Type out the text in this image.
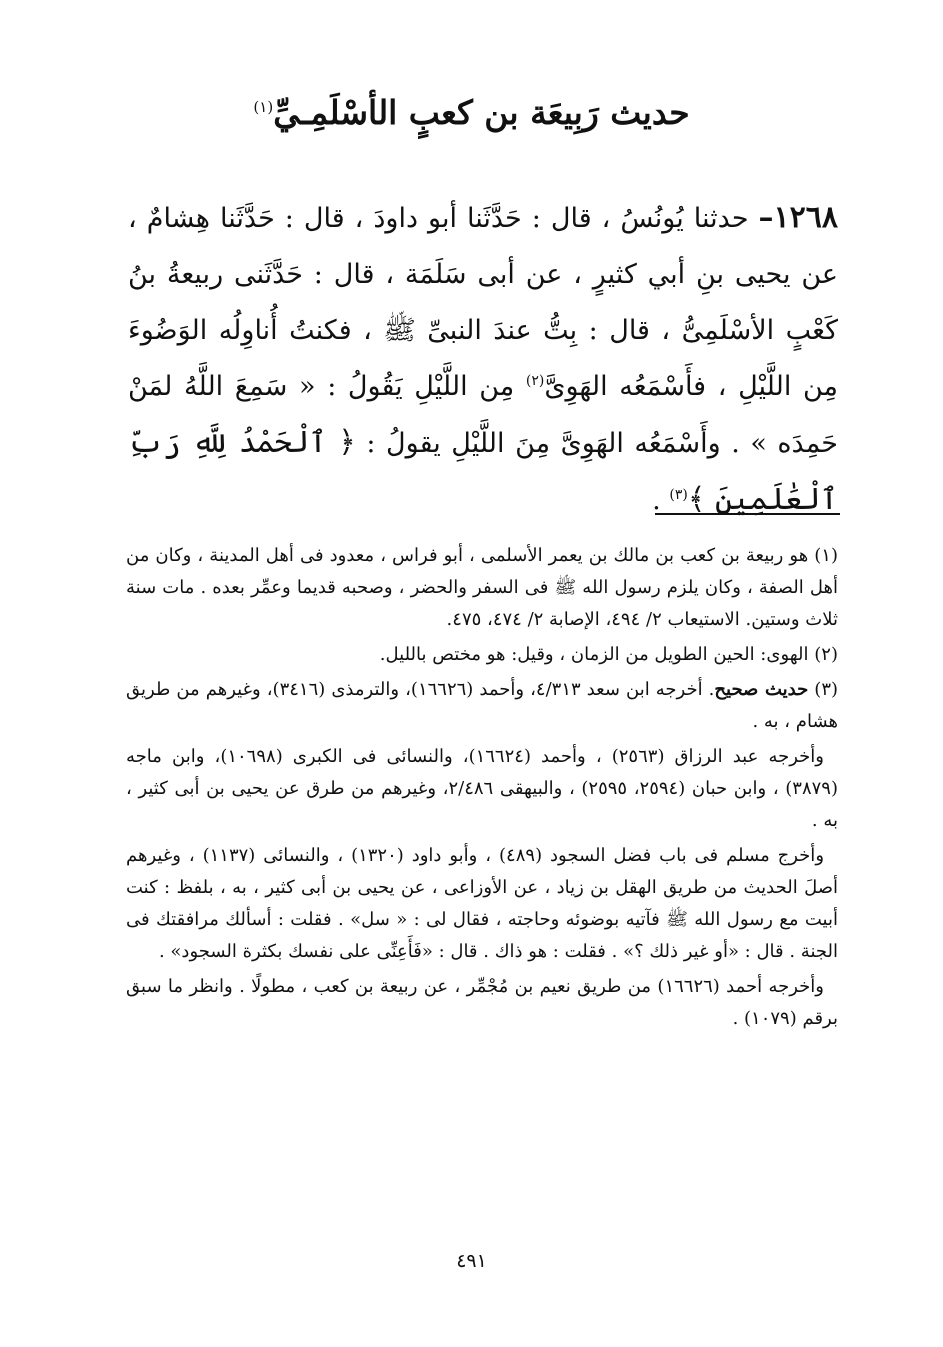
حديث رَبِيعَة بن كعبٍ الأسْلَمِـيِّ$^{(١)}$
١٢٦٨– حدثنا يُونُسُ ، قال : حَدَّثَنا أبو داودَ ، قال : حَدَّثَنا هِشامٌ ، عن يحيى بنِ أبي كثيرٍ ، عن أبى سَلَمَة ، قال : حَدَّثَنى ربيعةُ بنُ كَعْبٍ الأسْلَمِىُّ ، قال : بِتُّ عندَ النبىِّ ﷺ ، فكنتُ أُناوِلُه الوَضُوءَ مِن اللَّيْلِ ، فأَسْمَعُه الهَوِىَّ$^{(٢)}$ مِن اللَّيْلِ يَقُولُ : « سَمِعَ اللَّهُ لمَنْ حَمِدَه » . وأَسْمَعُه الهَوِىَّ مِنَ اللَّيْلِ يقولُ : ﴿ ٱلْحَمْدُ لِلَّهِ رَبِّ ٱلْعَٰلَمِينَ ﴾$^{(٣)}$ .

(١) هو ربيعة بن كعب بن مالك بن يعمر الأسلمى ، أبو فراس ، معدود فى أهل المدينة ، وكان من أهل الصفة ، وكان يلزم رسول الله ﷺ فى السفر والحضر ، وصحبه قديما وعمِّر بعده . مات سنة ثلاث وستين. الاستيعاب ٢/ ٤٩٤، الإصابة ٢/ ٤٧٤، ٤٧٥.

(٢) الهوى: الحين الطويل من الزمان ، وقيل: هو مختص بالليل.

(٣) حديث صحيح. أخرجه ابن سعد ٤/٣١٣، وأحمد (١٦٦٢٦)، والترمذى (٣٤١٦)، وغيرهم من طريق هشام ، به .

وأخرجه عبد الرزاق (٢٥٦٣) ، وأحمد (١٦٦٢٤)، والنسائى فى الكبرى (١٠٦٩٨)، وابن ماجه (٣٨٧٩) ، وابن حبان (٢٥٩٤، ٢٥٩٥) ، والبيهقى ٢/٤٨٦، وغيرهم من طرق عن يحيى بن أبى كثير ، به .

وأخرج مسلم فى باب فضل السجود (٤٨٩) ، وأبو داود (١٣٢٠) ، والنسائى (١١٣٧) ، وغيرهم أصلَ الحديث من طريق الهقل بن زياد ، عن الأوزاعى ، عن يحيى بن أبى كثير ، به ، بلفظ : كنت أبيت مع رسول الله ﷺ فآتيه بوضوئه وحاجته ، فقال لى : « سل» . فقلت : أسألك مرافقتك فى الجنة . قال : «أو غير ذلك ؟» . فقلت : هو ذاك . قال : «فَأَعِنِّى على نفسك بكثرة السجود» .

وأخرجه أحمد (١٦٦٢٦) من طريق نعيم بن مُجْمِّر ، عن ربيعة بن كعب ، مطولًا . وانظر ما سبق برقم (١٠٧٩) .

٤٩١
